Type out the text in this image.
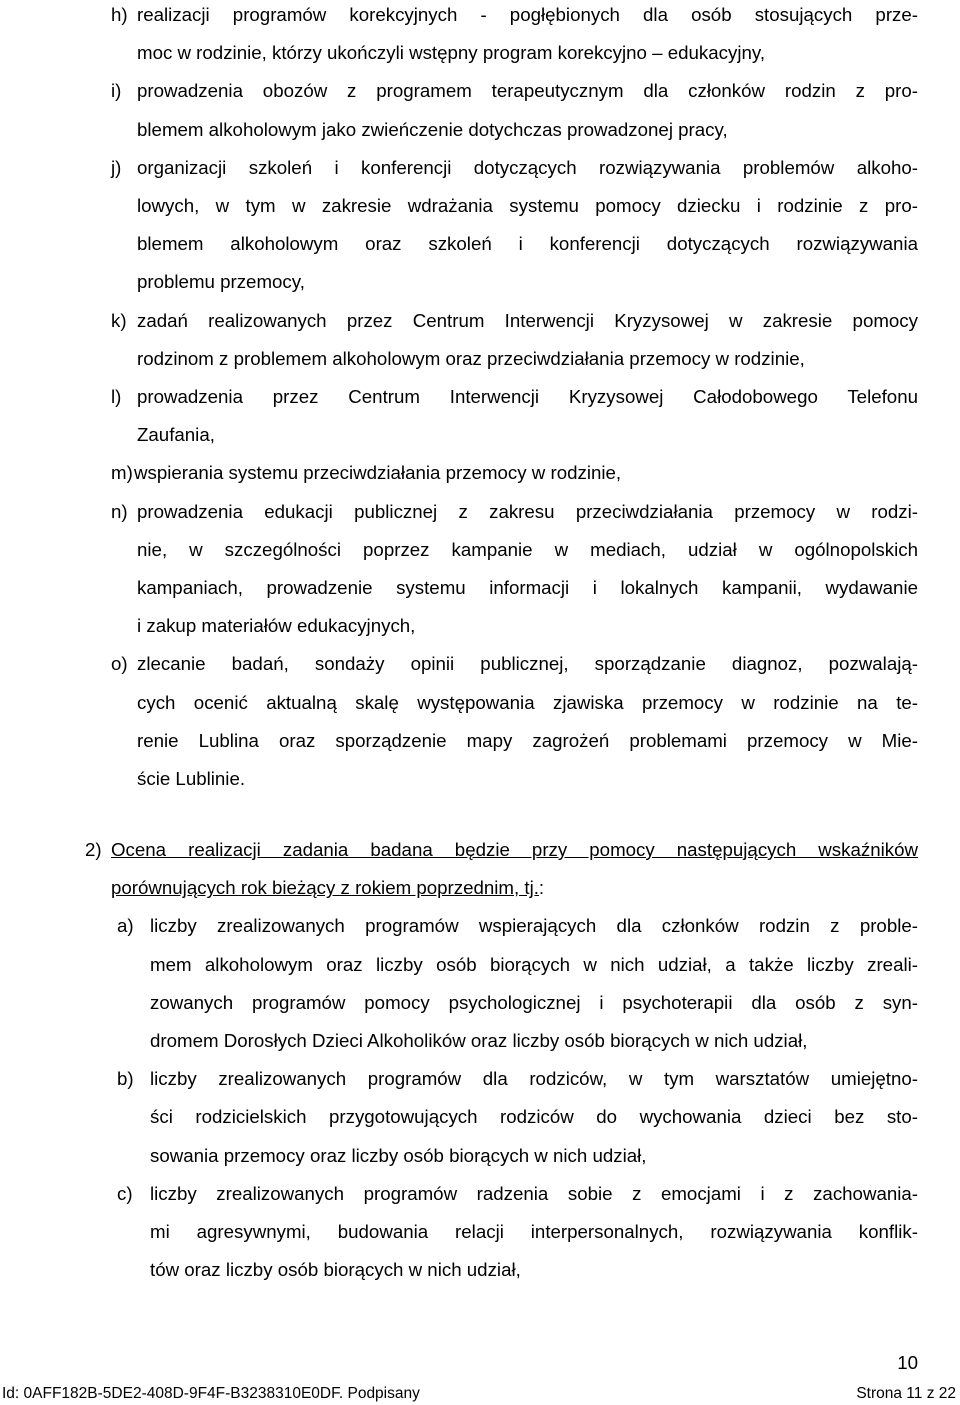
h) realizacji programów korekcyjnych - pogłębionych dla osób stosujących prze-
moc w rodzinie, którzy ukończyli wstępny program korekcyjno – edukacyjny,
i) prowadzenia obozów z programem terapeutycznym dla członków rodzin z pro-
blemem alkoholowym jako zwieńczenie dotychczas prowadzonej pracy,
j) organizacji szkoleń i konferencji dotyczących rozwiązywania problemów alkoho-
lowych, w tym w zakresie wdrażania systemu pomocy dziecku i rodzinie z pro-
blemem alkoholowym oraz szkoleń i konferencji dotyczących rozwiązywania
problemu przemocy,
k) zadań realizowanych przez Centrum Interwencji Kryzysowej w zakresie pomocy
rodzinom z problemem alkoholowym oraz przeciwdziałania przemocy w rodzinie,
l) prowadzenia przez Centrum Interwencji Kryzysowej Całodobowego Telefonu
Zaufania,
m) wspierania systemu przeciwdziałania przemocy w rodzinie,
n) prowadzenia edukacji publicznej z zakresu przeciwdziałania przemocy w rodzi-
nie, w szczególności poprzez kampanie w mediach, udział w ogólnopolskich
kampaniach, prowadzenie systemu informacji i lokalnych kampanii, wydawanie
i zakup materiałów edukacyjnych,
o) zlecanie badań, sondaży opinii publicznej, sporządzanie diagnoz, pozwalają-
cych ocenić aktualną skalę występowania zjawiska przemocy w rodzinie na te-
renie Lublina oraz sporządzenie mapy zagrożeń problemami przemocy w Mie-
ście Lublinie.
2) Ocena realizacji zadania badana będzie przy pomocy następujących wskaźników
porównujących rok bieżący z rokiem poprzednim, tj.:
a) liczby zrealizowanych programów wspierających dla członków rodzin z proble-
mem alkoholowym oraz liczby osób biorących w nich udział, a także liczby zreali-
zowanych programów pomocy psychologicznej i psychoterapii dla osób z syn-
dromem Dorosłych Dzieci Alkoholików oraz liczby osób biorących w nich udział,
b) liczby zrealizowanych programów dla rodziców, w tym warsztatów umiejętno-
ści rodzicielskich przygotowujących rodziców do wychowania dzieci bez sto-
sowania przemocy oraz liczby osób biorących w nich udział,
c) liczby zrealizowanych programów radzenia sobie z emocjami i z zachowania-
mi agresywnymi, budowania relacji interpersonalnych, rozwiązywania konflik-
tów oraz liczby osób biorących w nich udział,
10
Id: 0AFF182B-5DE2-408D-9F4F-B3238310E0DF. Podpisany	Strona 11 z 22
